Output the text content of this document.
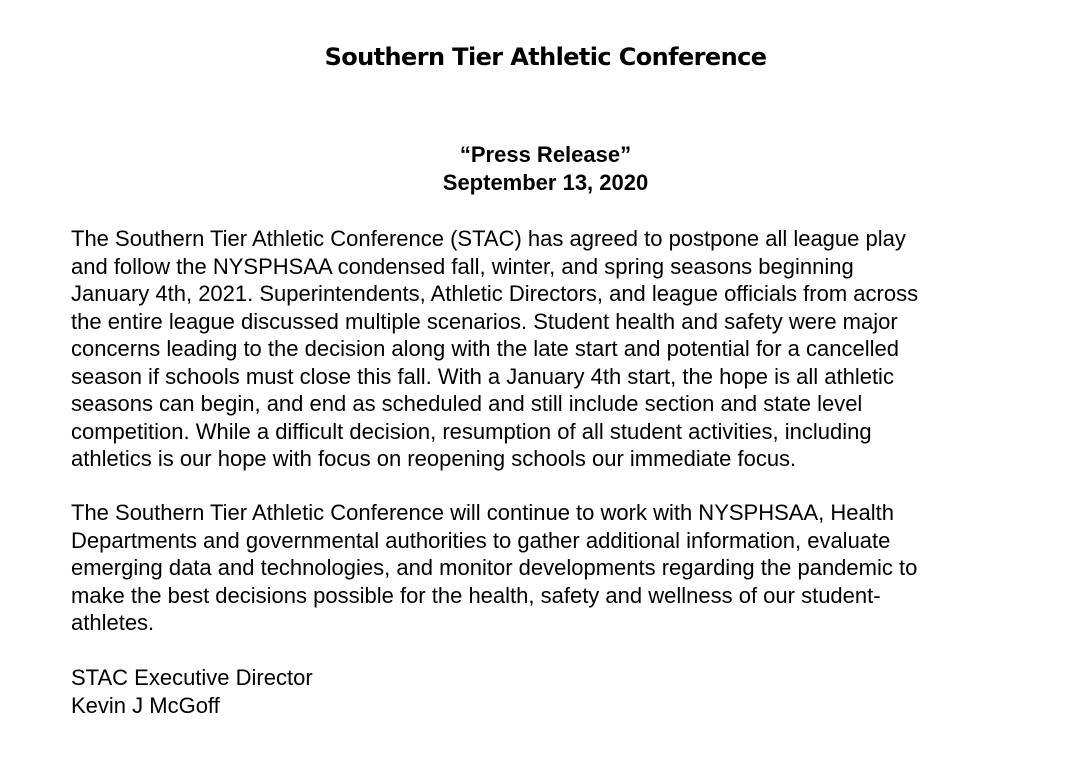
Southern Tier Athletic Conference
“Press Release”
September 13, 2020
The Southern Tier Athletic Conference (STAC) has agreed to postpone all league play
and follow the NYSPHSAA condensed fall, winter, and spring seasons beginning
January 4th, 2021. Superintendents, Athletic Directors, and league officials from across
the entire league discussed multiple scenarios. Student health and safety were major
concerns leading to the decision along with the late start and potential for a cancelled
season if schools must close this fall. With a January 4th start, the hope is all athletic
seasons can begin, and end as scheduled and still include section and state level
competition. While a difficult decision, resumption of all student activities, including
athletics is our hope with focus on reopening schools our immediate focus.
The Southern Tier Athletic Conference will continue to work with NYSPHSAA, Health
Departments and governmental authorities to gather additional information, evaluate
emerging data and technologies, and monitor developments regarding the pandemic to
make the best decisions possible for the health, safety and wellness of our student-
athletes.
STAC Executive Director
Kevin J McGoff
